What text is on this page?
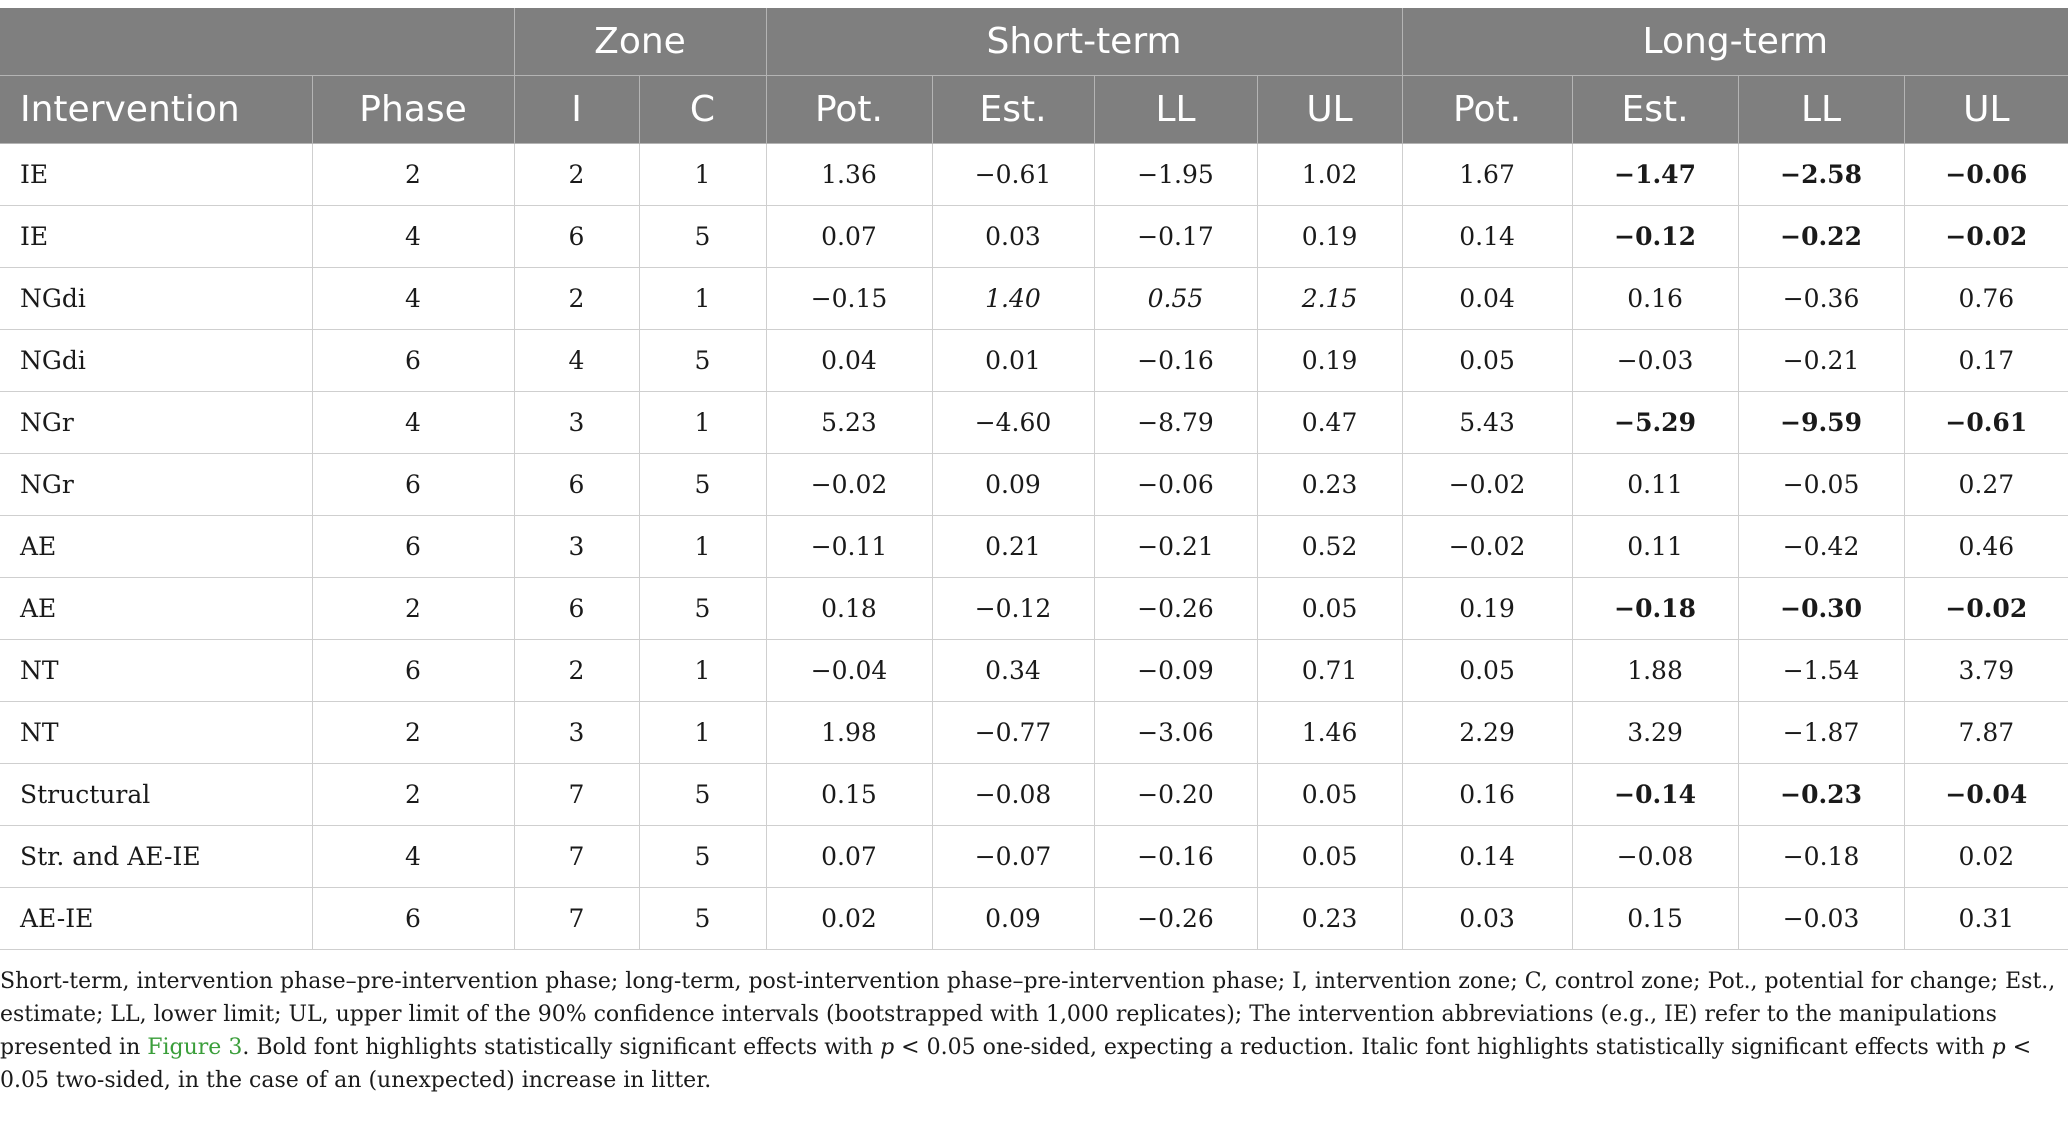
		Zone		Short-term				Long-term			
Intervention	Phase	I	C	Pot.	Est.	LL	UL	Pot.	Est.	LL	UL
IE	2	2	1	1.36	−0.61	−1.95	1.02	1.67	−1.47	−2.58	−0.06
IE	4	6	5	0.07	0.03	−0.17	0.19	0.14	−0.12	−0.22	−0.02
NGdi	4	2	1	−0.15	1.40	0.55	2.15	0.04	0.16	−0.36	0.76
NGdi	6	4	5	0.04	0.01	−0.16	0.19	0.05	−0.03	−0.21	0.17
NGr	4	3	1	5.23	−4.60	−8.79	0.47	5.43	−5.29	−9.59	−0.61
NGr	6	6	5	−0.02	0.09	−0.06	0.23	−0.02	0.11	−0.05	0.27
AE	6	3	1	−0.11	0.21	−0.21	0.52	−0.02	0.11	−0.42	0.46
AE	2	6	5	0.18	−0.12	−0.26	0.05	0.19	−0.18	−0.30	−0.02
NT	6	2	1	−0.04	0.34	−0.09	0.71	0.05	1.88	−1.54	3.79
NT	2	3	1	1.98	−0.77	−3.06	1.46	2.29	3.29	−1.87	7.87
Structural	2	7	5	0.15	−0.08	−0.20	0.05	0.16	−0.14	−0.23	−0.04
Str. and AE-IE	4	7	5	0.07	−0.07	−0.16	0.05	0.14	−0.08	−0.18	0.02
AE-IE	6	7	5	0.02	0.09	−0.26	0.23	0.03	0.15	−0.03	0.31
Short-term, intervention phase–pre-intervention phase; long-term, post-intervention phase–pre-intervention phase; I, intervention zone; C, control zone; Pot., potential for change; Est., estimate; LL, lower limit; UL, upper limit of the 90% confidence intervals (bootstrapped with 1,000 replicates); The intervention abbreviations (e.g., IE) refer to the manipulations presented in Figure 3. Bold font highlights statistically significant effects with p < 0.05 one-sided, expecting a reduction. Italic font highlights statistically significant effects with p < 0.05 two-sided, in the case of an (unexpected) increase in litter.
